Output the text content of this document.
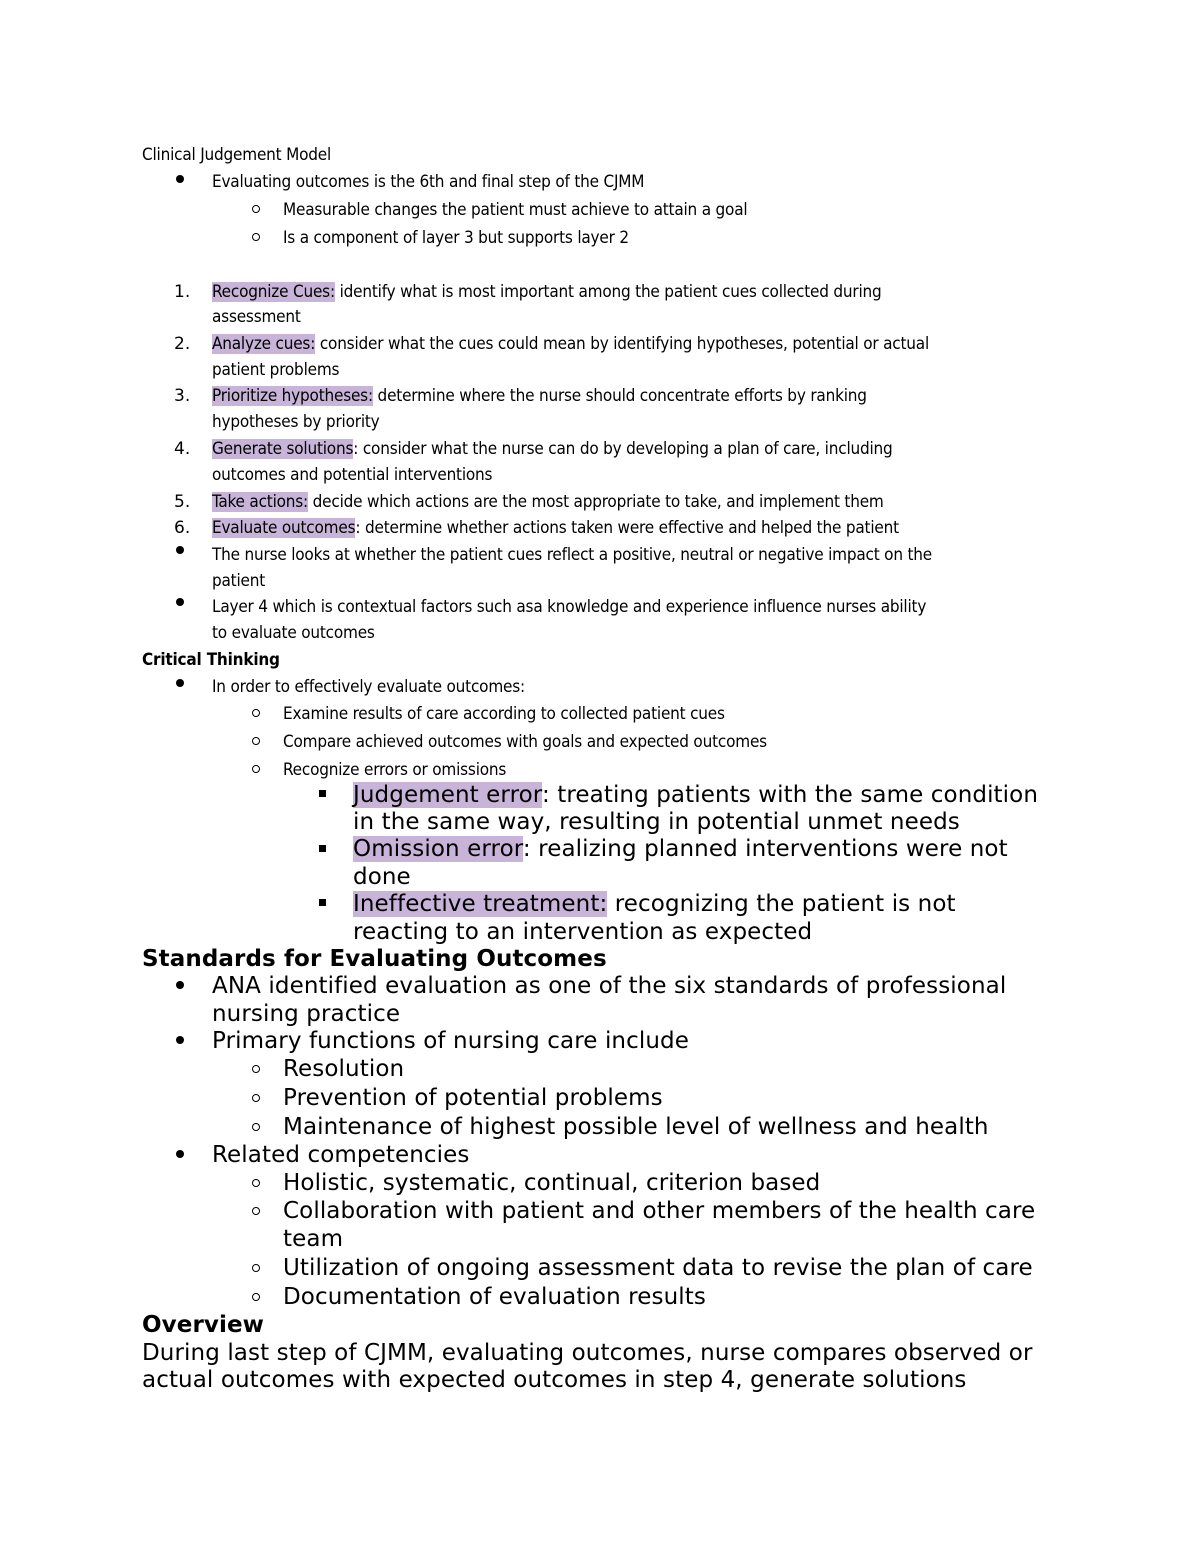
Clinical Judgement Model
Evaluating outcomes is the 6th and final step of the CJMM
Measurable changes the patient must achieve to attain a goal
Is a component of layer 3 but supports layer 2
1. Recognize Cues: identify what is most important among the patient cues collected during
assessment
2. Analyze cues: consider what the cues could mean by identifying hypotheses, potential or actual
patient problems
3. Prioritize hypotheses: determine where the nurse should concentrate efforts by ranking
hypotheses by priority
4. Generate solutions: consider what the nurse can do by developing a plan of care, including
outcomes and potential interventions
5. Take actions: decide which actions are the most appropriate to take, and implement them
6. Evaluate outcomes: determine whether actions taken were effective and helped the patient
The nurse looks at whether the patient cues reflect a positive, neutral or negative impact on the
patient
Layer 4 which is contextual factors such asa knowledge and experience influence nurses ability
to evaluate outcomes
Critical Thinking
In order to effectively evaluate outcomes:
Examine results of care according to collected patient cues
Compare achieved outcomes with goals and expected outcomes
Recognize errors or omissions
Judgement error: treating patients with the same condition
in the same way, resulting in potential unmet needs
Omission error: realizing planned interventions were not
done
Ineffective treatment: recognizing the patient is not
reacting to an intervention as expected
Standards for Evaluating Outcomes
ANA identified evaluation as one of the six standards of professional
nursing practice
Primary functions of nursing care include
Resolution
Prevention of potential problems
Maintenance of highest possible level of wellness and health
Related competencies
Holistic, systematic, continual, criterion based
Collaboration with patient and other members of the health care
team
Utilization of ongoing assessment data to revise the plan of care
Documentation of evaluation results
Overview
During last step of CJMM, evaluating outcomes, nurse compares observed or
actual outcomes with expected outcomes in step 4, generate solutions
